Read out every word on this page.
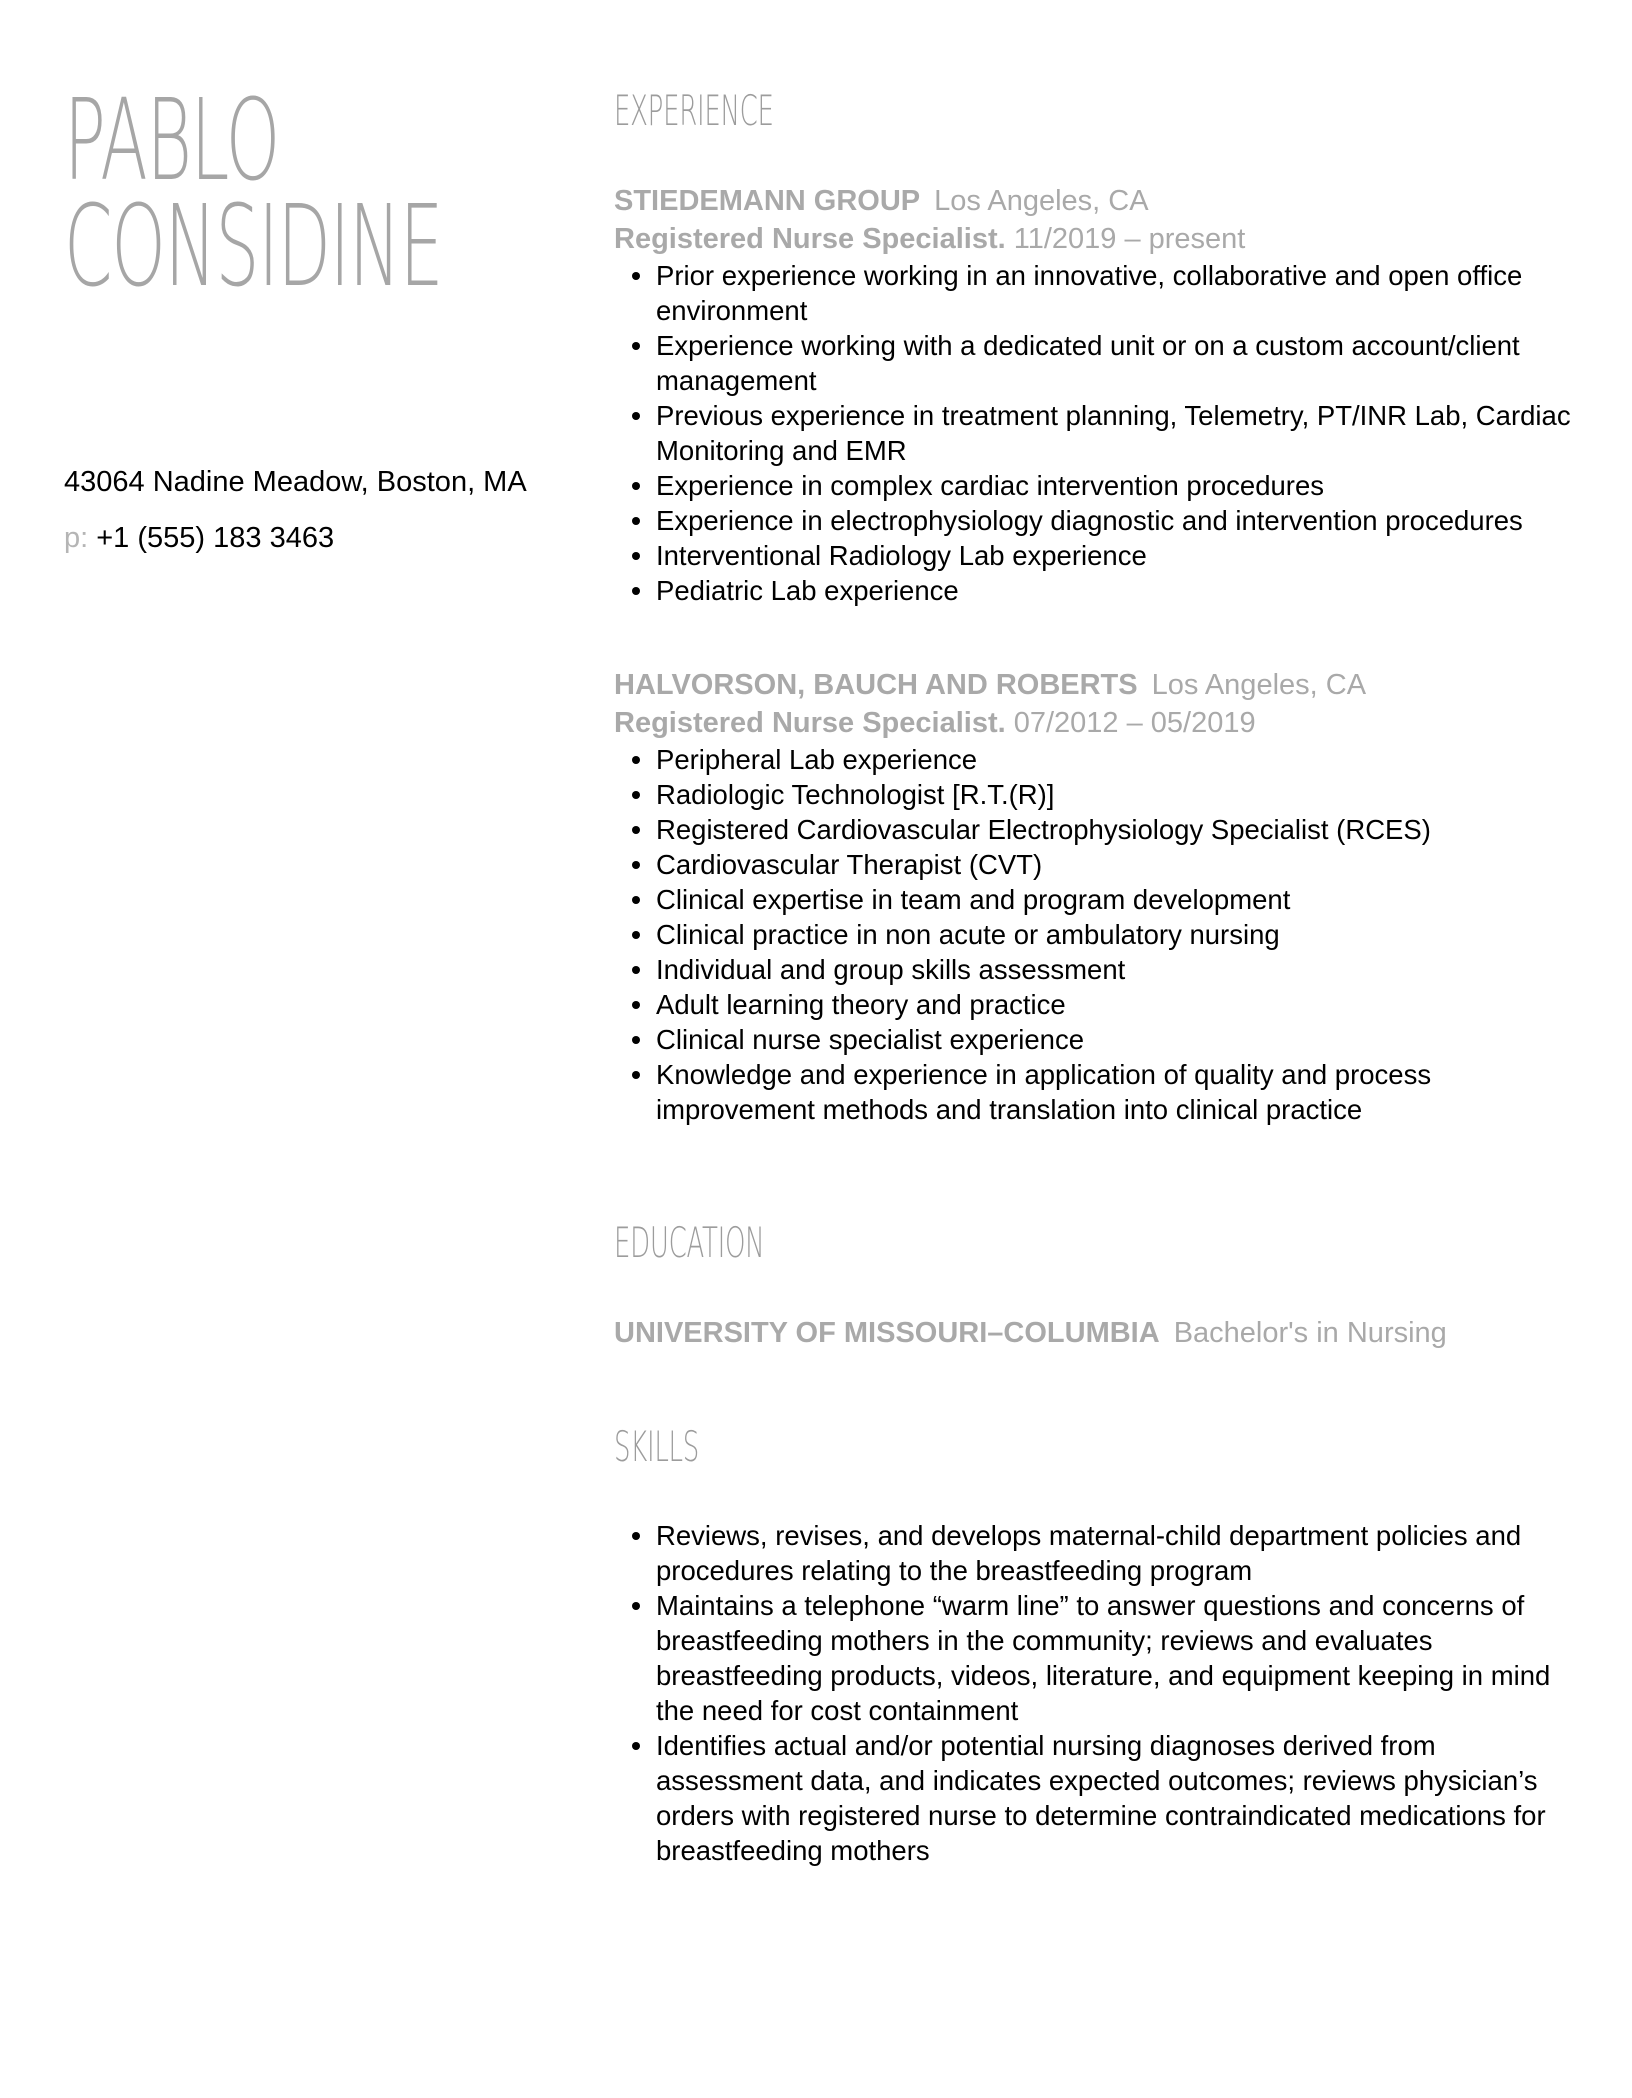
PABLO
CONSIDINE
43064 Nadine Meadow, Boston, MA
p: +1 (555) 183 3463
EXPERIENCE
STIEDEMANN GROUP Los Angeles, CA
Registered Nurse Specialist. 11/2019 – present
Prior experience working in an innovative, collaborative and open office environment
Experience working with a dedicated unit or on a custom account/client management
Previous experience in treatment planning, Telemetry, PT/INR Lab, Cardiac Monitoring and EMR
Experience in complex cardiac intervention procedures
Experience in electrophysiology diagnostic and intervention procedures
Interventional Radiology Lab experience
Pediatric Lab experience
HALVORSON, BAUCH AND ROBERTS Los Angeles, CA
Registered Nurse Specialist. 07/2012 – 05/2019
Peripheral Lab experience
Radiologic Technologist [R.T.(R)]
Registered Cardiovascular Electrophysiology Specialist (RCES)
Cardiovascular Therapist (CVT)
Clinical expertise in team and program development
Clinical practice in non acute or ambulatory nursing
Individual and group skills assessment
Adult learning theory and practice
Clinical nurse specialist experience
Knowledge and experience in application of quality and process improvement methods and translation into clinical practice
EDUCATION
UNIVERSITY OF MISSOURI–COLUMBIA Bachelor's in Nursing
SKILLS
Reviews, revises, and develops maternal-child department policies and procedures relating to the breastfeeding program
Maintains a telephone “warm line” to answer questions and concerns of breastfeeding mothers in the community; reviews and evaluates breastfeeding products, videos, literature, and equipment keeping in mind the need for cost containment
Identifies actual and/or potential nursing diagnoses derived from assessment data, and indicates expected outcomes; reviews physician’s orders with registered nurse to determine contraindicated medications for breastfeeding mothers
